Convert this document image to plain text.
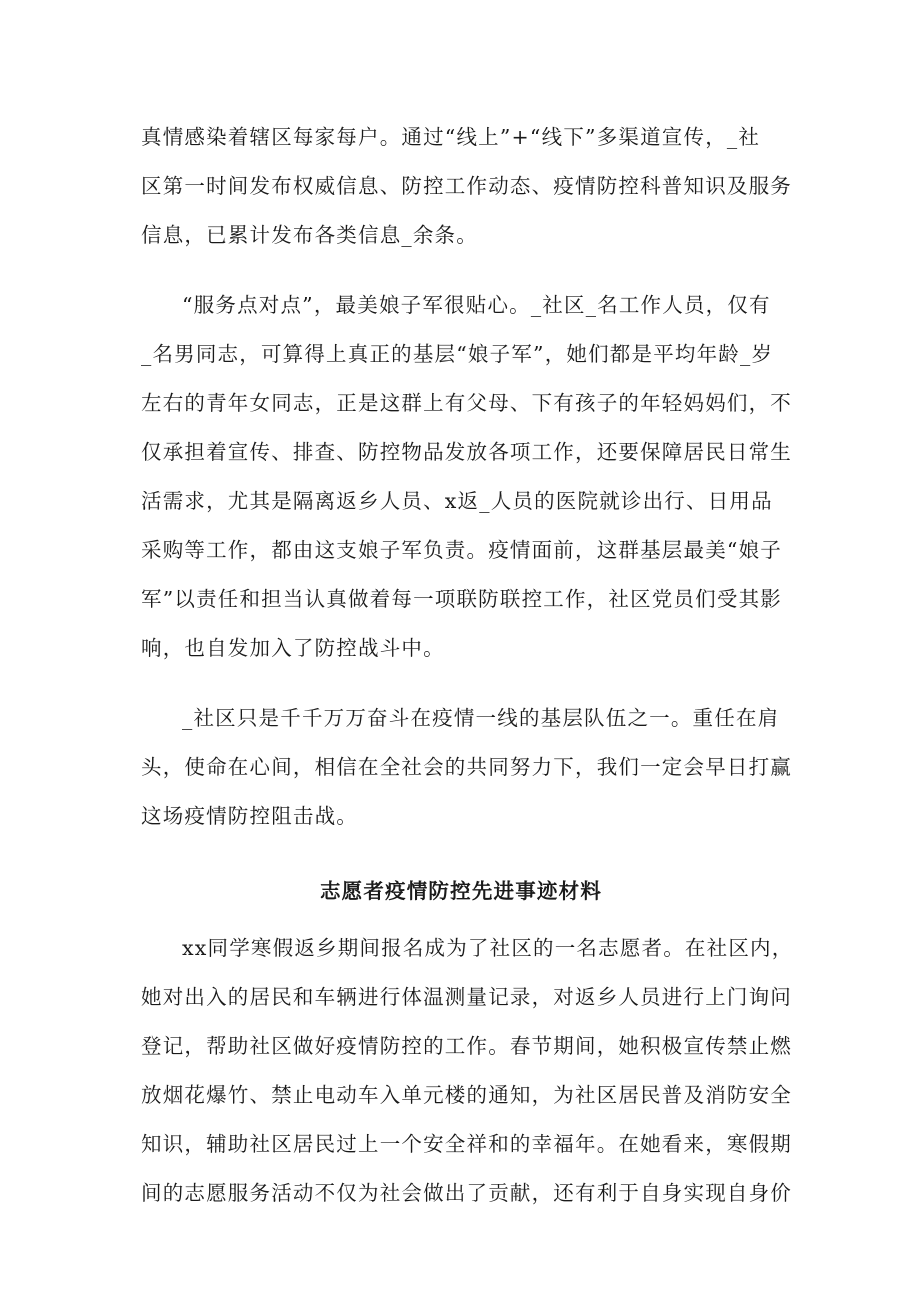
真情感染着辖区每家每户。通过“线上”+“线下”多渠道宣传，_社
区第一时间发布权威信息、防控工作动态、疫情防控科普知识及服务
信息，已累计发布各类信息_余条。
“服务点对点”，最美娘子军很贴心。_社区_名工作人员，仅有
_名男同志，可算得上真正的基层“娘子军”，她们都是平均年龄_岁
左右的青年女同志，正是这群上有父母、下有孩子的年轻妈妈们，不
仅承担着宣传、排查、防控物品发放各项工作，还要保障居民日常生
活需求，尤其是隔离返乡人员、x返_人员的医院就诊出行、日用品
采购等工作，都由这支娘子军负责。疫情面前，这群基层最美“娘子
军”以责任和担当认真做着每一项联防联控工作，社区党员们受其影
响，也自发加入了防控战斗中。
_社区只是千千万万奋斗在疫情一线的基层队伍之一。重任在肩
头，使命在心间，相信在全社会的共同努力下，我们一定会早日打赢
这场疫情防控阻击战。
志愿者疫情防控先进事迹材料
xx同学寒假返乡期间报名成为了社区的一名志愿者。在社区内，
她对出入的居民和车辆进行体温测量记录，对返乡人员进行上门询问
登记，帮助社区做好疫情防控的工作。春节期间，她积极宣传禁止燃
放烟花爆竹、禁止电动车入单元楼的通知，为社区居民普及消防安全
知识，辅助社区居民过上一个安全祥和的幸福年。在她看来，寒假期
间的志愿服务活动不仅为社会做出了贡献，还有利于自身实现自身价
